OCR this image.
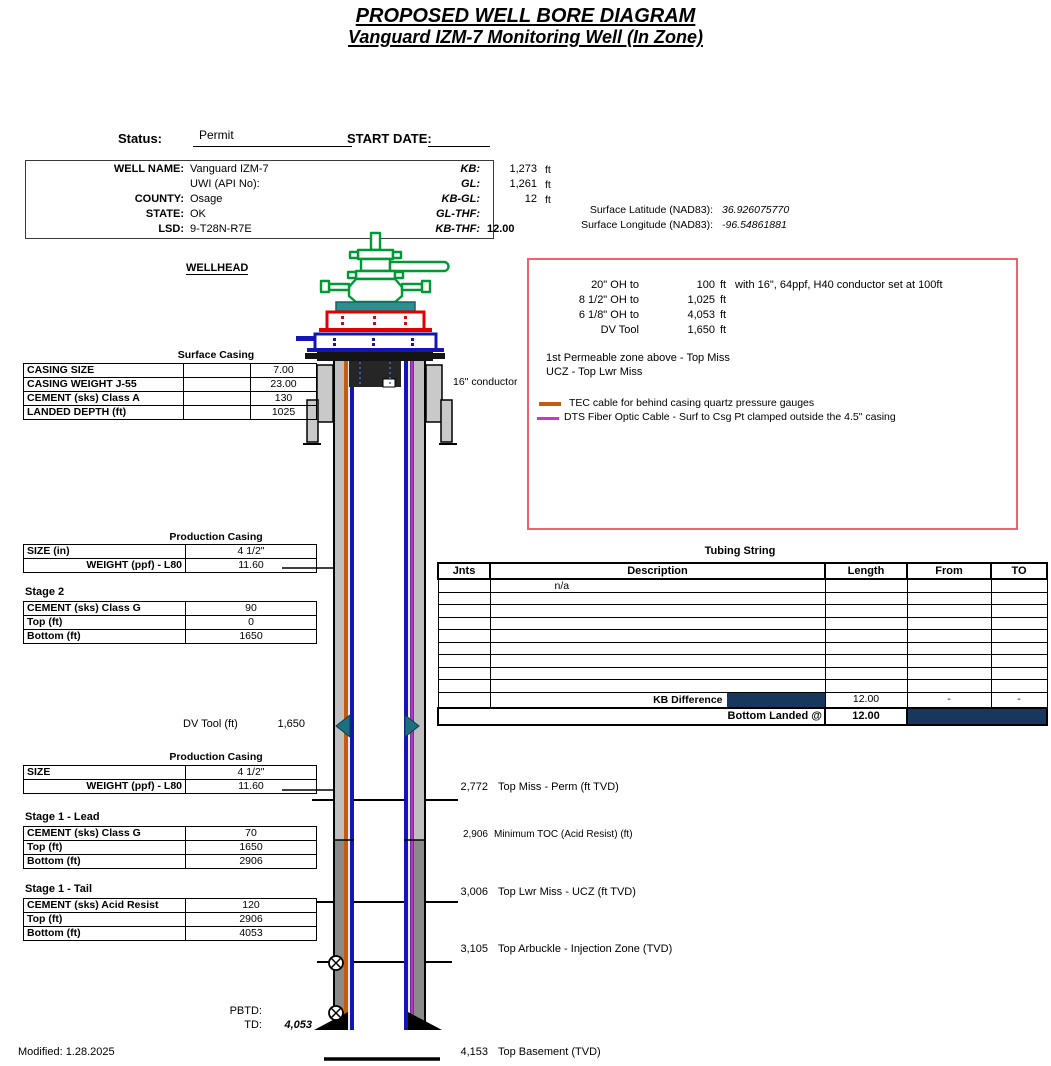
PROPOSED WELL BORE DIAGRAM
Vanguard IZM-7 Monitoring Well (In Zone)
Status:	Permit	START DATE:
WELL NAME: Vanguard IZM-7
UWI (API No):
COUNTY: Osage
STATE: OK
LSD: 9-T28N-R7E
KB:	1,273 ft
GL:	1,261 ft
KB-GL:	12 ft
GL-THF:
KB-THF: 12.00
Surface Latitude (NAD83): 36.926075770
Surface Longitude (NAD83): -96.54861881
WELLHEAD
16" conductor
20" OH to	100 ft with 16", 64ppf, H40 conductor set at 100ft
8 1/2" OH to	1,025 ft
6 1/8" OH to	4,053 ft
DV Tool	1,650 ft
1st Permeable zone above - Top Miss
UCZ - Top Lwr Miss
TEC cable for behind casing quartz pressure gauges
DTS Fiber Optic Cable - Surf to Csg Pt clamped outside the 4.5" casing
Surface Casing
CASING SIZE		7.00
CASING WEIGHT J-55		23.00
CEMENT (sks) Class A		130
LANDED DEPTH (ft)		1025
Production Casing
SIZE (in)	4 1/2"
WEIGHT (ppf) - L80	11.60
Stage 2
CEMENT (sks) Class G	90
Top (ft)	0
Bottom (ft)	1650
Tubing String
Jnts	Description	Length	From	TO
	n/a			

	KB Difference	12.00	-	-
Bottom Landed @		12.00		
DV Tool (ft)	1,650
Production Casing
SIZE	4 1/2"
WEIGHT (ppf) - L80	11.60
Stage 1 - Lead
CEMENT (sks) Class G	70
Top (ft)	1650
Bottom (ft)	2906
Stage 1 - Tail
CEMENT (sks) Acid Resist	120
Top (ft)	2906
Bottom (ft)	4053
2,772 Top Miss - Perm (ft TVD)
2,906 Minimum TOC (Acid Resist) (ft)
3,006 Top Lwr Miss - UCZ (ft TVD)
3,105 Top Arbuckle - Injection Zone (TVD)
4,153 Top Basement (TVD)
PBTD:
TD:	4,053
Modified: 1.28.2025
